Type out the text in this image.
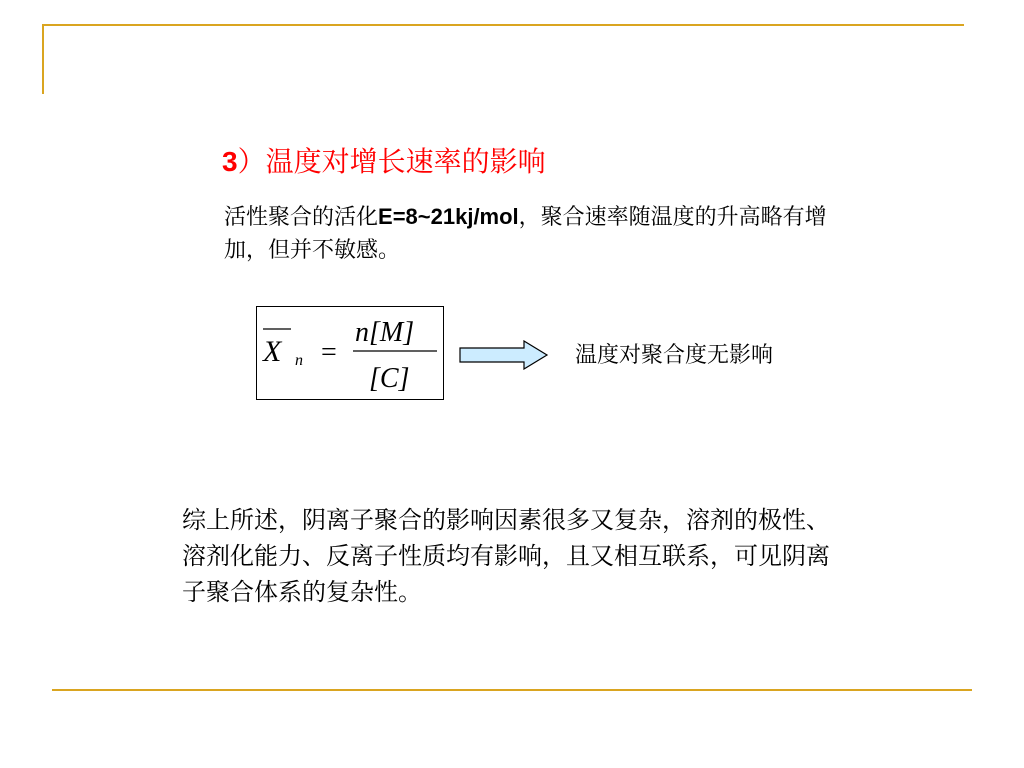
3）温度对增长速率的影响
活性聚合的活化E=8~21kj/mol，聚合速率随温度的升高略有增加，但并不敏感。
X n =
n[M]
[C]
温度对聚合度无影响
综上所述，阴离子聚合的影响因素很多又复杂，溶剂的极性、溶剂化能力、反离子性质均有影响，且又相互联系，可见阴离子聚合体系的复杂性。
